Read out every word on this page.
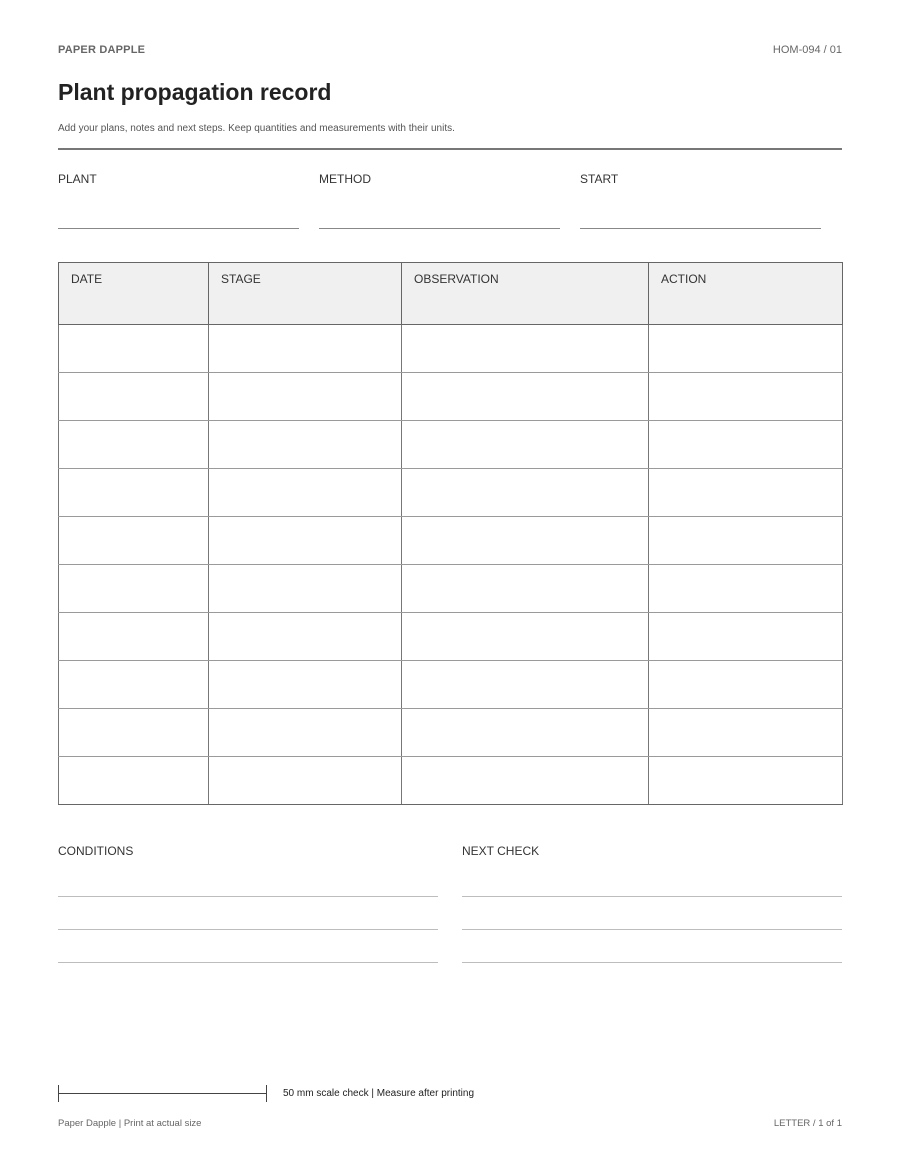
PAPER DAPPLE	HOM-094 / 01
Plant propagation record
Add your plans, notes and next steps. Keep quantities and measurements with their units.
PLANT	METHOD	START
DATE	STAGE	OBSERVATION	ACTION

CONDITIONS	NEXT CHECK
50 mm scale check | Measure after printing
Paper Dapple | Print at actual size	LETTER / 1 of 1
